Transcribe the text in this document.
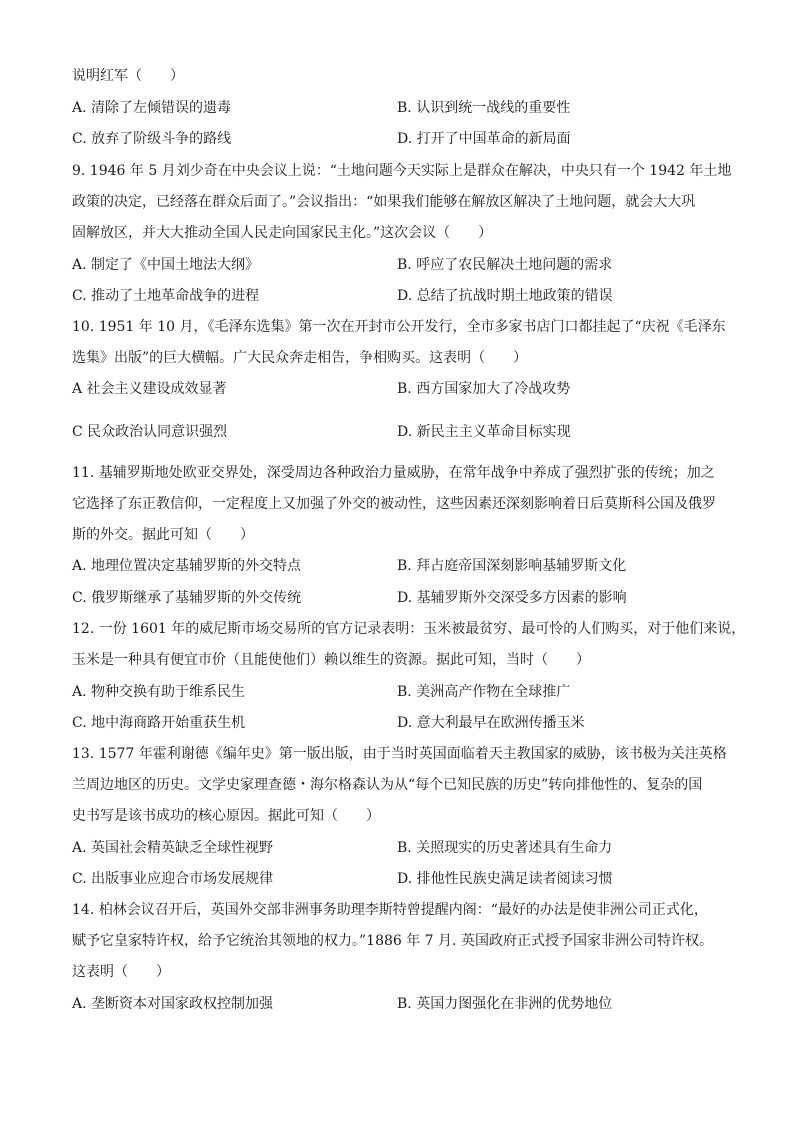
说明红军（　　）
A. 清除了左倾错误的遗毒	B. 认识到统一战线的重要性
C. 放弃了阶级斗争的路线	D. 打开了中国革命的新局面
9. 1946 年 5 月刘少奇在中央会议上说：“土地问题今天实际上是群众在解决，中央只有一个 1942 年土地
政策的决定，已经落在群众后面了。”会议指出：“如果我们能够在解放区解决了土地问题，就会大大巩
固解放区，并大大推动全国人民走向国家民主化。”这次会议（　　）
A. 制定了《中国土地法大纲》	B. 呼应了农民解决土地问题的需求
C. 推动了土地革命战争的进程	D. 总结了抗战时期土地政策的错误
10. 1951 年 10 月，《毛泽东选集》第一次在开封市公开发行，全市多家书店门口都挂起了“庆祝《毛泽东
选集》出版”的巨大横幅。广大民众奔走相告，争相购买。这表明（　　）
A 社会主义建设成效显著	B. 西方国家加大了冷战攻势
C 民众政治认同意识强烈	D. 新民主主义革命目标实现
11. 基辅罗斯地处欧亚交界处，深受周边各种政治力量威胁，在常年战争中养成了强烈扩张的传统；加之
它选择了东正教信仰，一定程度上又加强了外交的被动性，这些因素还深刻影响着日后莫斯科公国及俄罗
斯的外交。据此可知（　　）
A. 地理位置决定基辅罗斯的外交特点	B. 拜占庭帝国深刻影响基辅罗斯文化
C. 俄罗斯继承了基辅罗斯的外交传统	D. 基辅罗斯外交深受多方因素的影响
12. 一份 1601 年的威尼斯市场交易所的官方记录表明：玉米被最贫穷、最可怜的人们购买，对于他们来说，
玉米是一种具有便宜市价（且能使他们）赖以维生的资源。据此可知，当时（　　）
A. 物种交换有助于维系民生	B. 美洲高产作物在全球推广
C. 地中海商路开始重获生机	D. 意大利最早在欧洲传播玉米
13. 1577 年霍利谢德《编年史》第一版出版，由于当时英国面临着天主教国家的威胁，该书极为关注英格
兰周边地区的历史。文学史家理查德・海尔格森认为从“每个已知民族的历史”转向排他性的、复杂的国
史书写是该书成功的核心原因。据此可知（　　）
A. 英国社会精英缺乏全球性视野	B. 关照现实的历史著述具有生命力
C. 出版事业应迎合市场发展规律	D. 排他性民族史满足读者阅读习惯
14. 柏林会议召开后，英国外交部非洲事务助理李斯特曾提醒内阁：“最好的办法是使非洲公司正式化，
赋予它皇家特许权，给予它统治其领地的权力。”1886 年 7 月. 英国政府正式授予国家非洲公司特许权。
这表明（　　）
A. 垄断资本对国家政权控制加强	B. 英国力图强化在非洲的优势地位
